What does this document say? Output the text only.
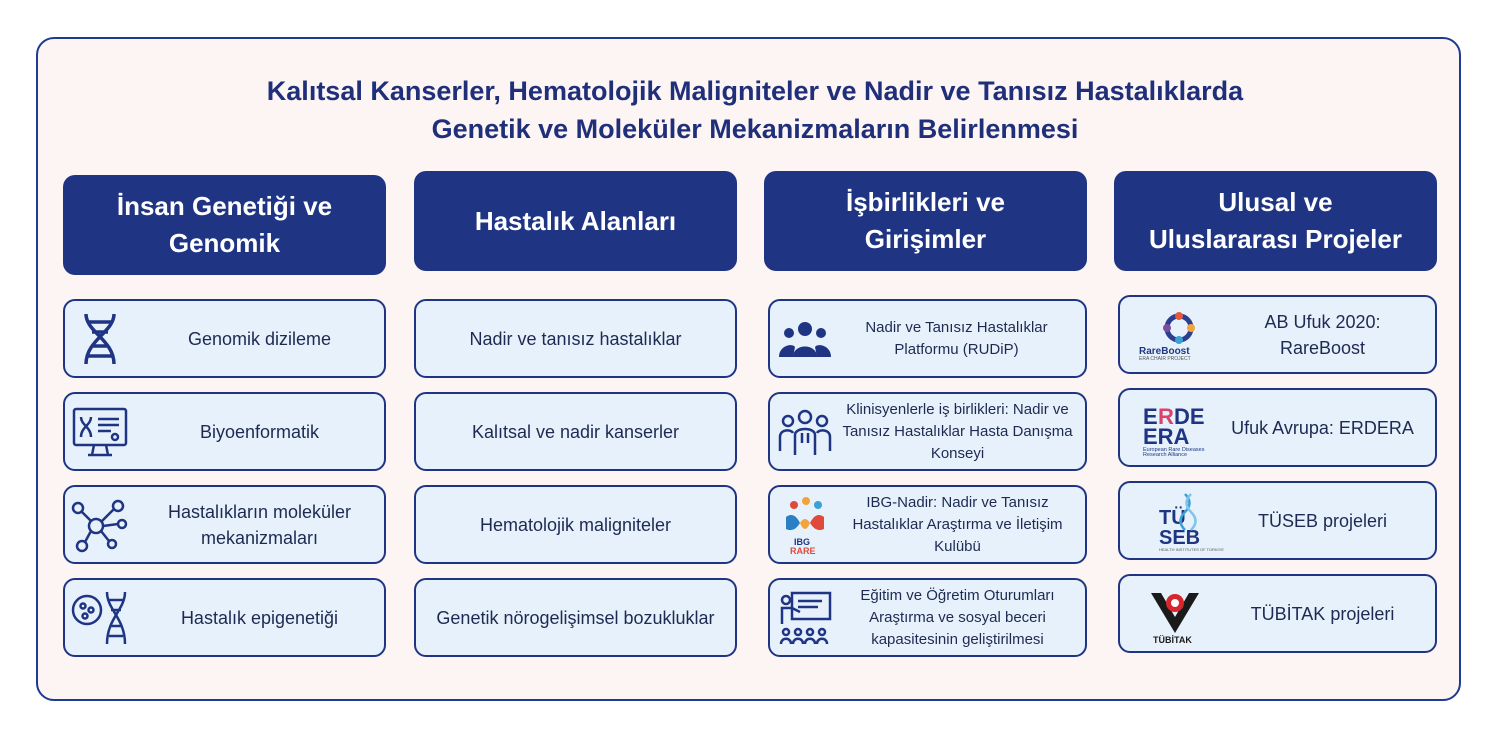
Kalıtsal Kanserler, Hematolojik Maligniteler ve Nadir ve Tanısız Hastalıklarda
Genetik ve Moleküler Mekanizmaların Belirlenmesi
İnsan Genetiği ve
Genomik
Hastalık Alanları
İşbirlikleri ve
Girişimler
Ulusal ve
Uluslararası Projeler
Genomik dizileme
Biyoenformatik
Hastalıkların moleküler mekanizmaları
Hastalık epigenetiği
Nadir ve tanısız hastalıklar
Kalıtsal ve nadir kanserler
Hematolojik maligniteler
Genetik nörogelişimsel bozukluklar
Nadir ve Tanısız Hastalıklar Platformu (RUDiP)
Klinisyenlerle iş birlikleri: Nadir ve Tanısız Hastalıklar Hasta Danışma Konseyi
IBG
RARE
IBG-Nadir: Nadir ve Tanısız Hastalıklar Araştırma ve İletişim Kulübü
Eğitim ve Öğretim Oturumları Araştırma ve sosyal beceri kapasitesinin geliştirilmesi
RareBoost
ERA CHAIR PROJECT
AB Ufuk 2020: RareBoost
E R DE
ERA
European Rare Diseases
Research Alliance
Ufuk Avrupa: ERDERA
TÜ
SEB
HEALTH INSTITUTES OF TÜRKİYE
TÜSEB projeleri
TÜBİTAK
TÜBİTAK projeleri
